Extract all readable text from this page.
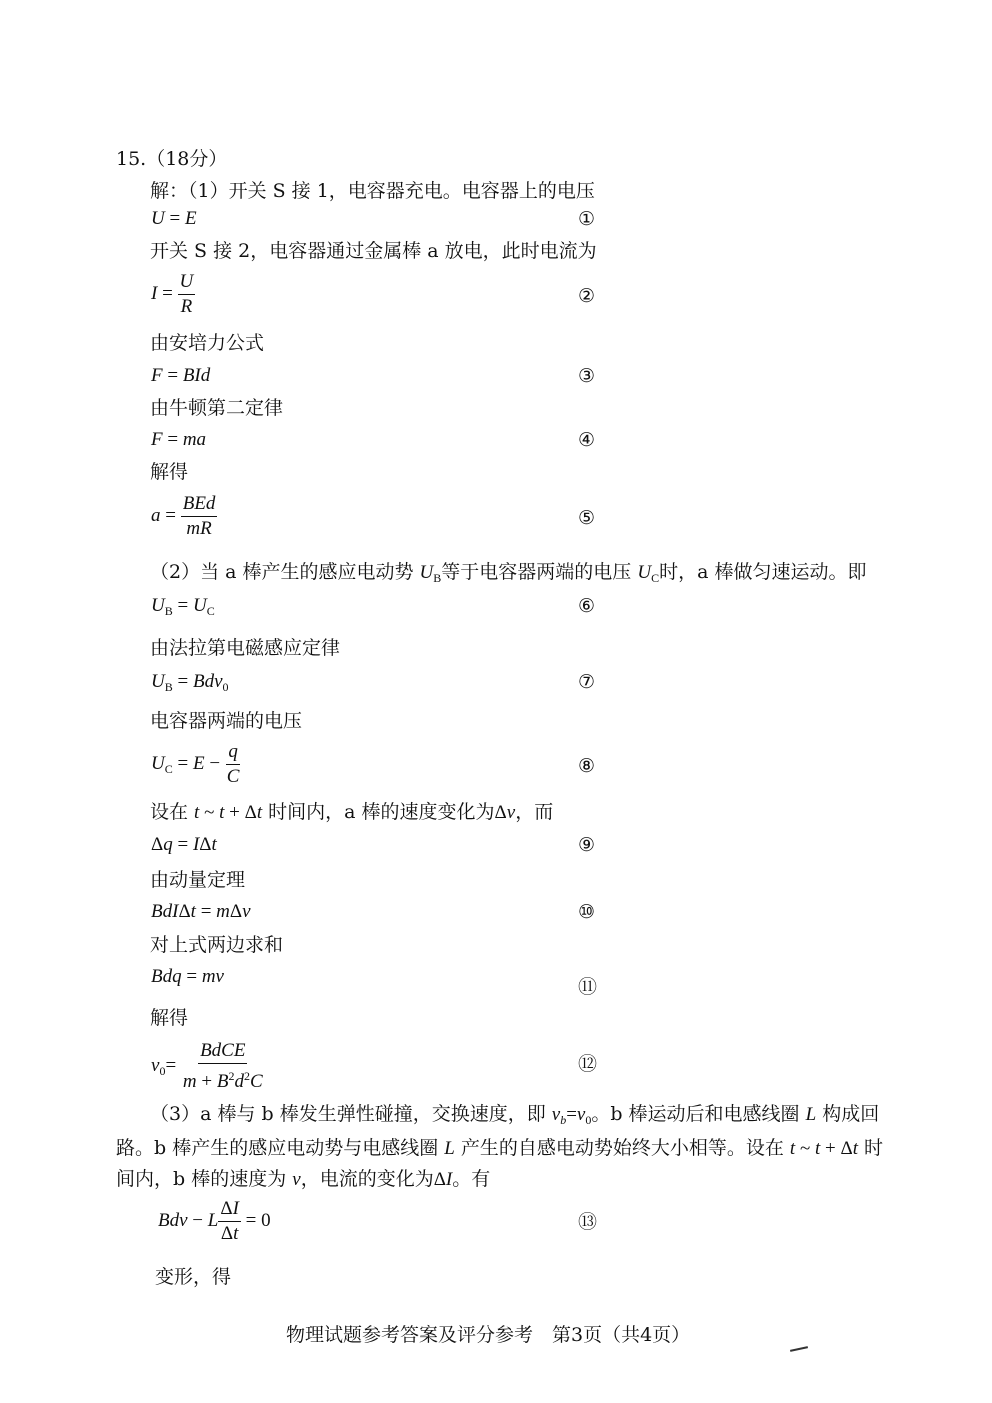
15.（18分）
解：（1）开关 S 接 1，电容器充电。电容器上的电压
U = E	①
开关 S 接 2，电容器通过金属棒 a 放电，此时电流为
$I = \frac{U}{R}$	②
由安培力公式
F = BId	③
由牛顿第二定律
F = ma	④
解得
$a = \frac{\text{BEd}}{mR}$	⑤
（2）当 a 棒产生的感应电动势 $U_B$等于电容器两端的电压 $U_C$时，a 棒做匀速运动。即
$U_B = U_C$	⑥
由法拉第电磁感应定律
$U_B = Bdv_0$	⑦
电容器两端的电压
$U_C = E - \frac{q}{C}$	⑧
设在 t ~ t + Δt 时间内，a 棒的速度变化为Δv，而
Δq = IΔt	⑨
由动量定理
BdIΔt = mΔv	⑩
对上式两边求和
Bdq = mv	⑪
解得
$v_0= \frac{\text{BdCE}}{m + B^2d^2C}$	⑫
（3）a 棒与 b 棒发生弹性碰撞，交换速度，即 $v_b=v_0$。b 棒运动后和电感线圈 L 构成回
路。b 棒产生的感应电动势与电感线圈 L 产生的自感电动势始终大小相等。设在 t ~ t + Δt 时
间内，b 棒的速度为 v，电流的变化为ΔI。有
Bdv − L $\frac{\Delta I}{\Delta t} = 0$	⑬
变形，得
物理试题参考答案及评分参考　第3页（共4页）
